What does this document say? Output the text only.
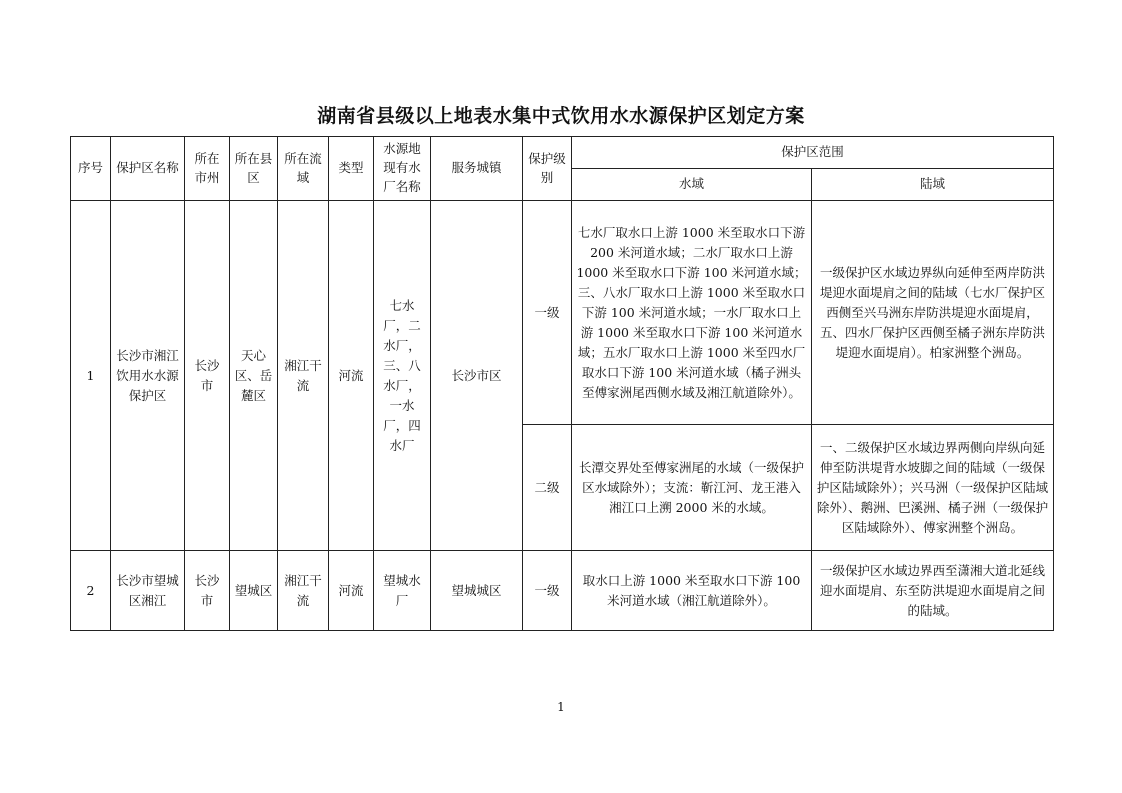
湖南省县级以上地表水集中式饮用水水源保护区划定方案
序号	保护区名称	所在市州	所在县区	所在流域	类型	水源地现有水厂名称	服务城镇	保护级别	保护区范围	
									水域	陆域
1	长沙市湘江饮用水水源保护区	长沙市	天心区、岳麓区	湘江干流	河流	七水厂，二水厂，三、八水厂，一水厂，四水厂	长沙市区	一级	七水厂取水口上游 1000 米至取水口下游 200 米河道水域；二水厂取水口上游 1000 米至取水口下游 100 米河道水域；三、八水厂取水口上游 1000 米至取水口下游 100 米河道水域；一水厂取水口上游 1000 米至取水口下游 100 米河道水域；五水厂取水口上游 1000 米至四水厂取水口下游 100 米河道水域（橘子洲头至傅家洲尾西侧水域及湘江航道除外）。	一级保护区水域边界纵向延伸至两岸防洪堤迎水面堤肩之间的陆域（七水厂保护区西侧至兴马洲东岸防洪堤迎水面堤肩，五、四水厂保护区西侧至橘子洲东岸防洪堤迎水面堤肩）。柏家洲整个洲岛。
								二级	长潭交界处至傅家洲尾的水域（一级保护区水域除外）；支流：靳江河、龙王港入湘江口上溯 2000 米的水域。	一、二级保护区水域边界两侧向岸纵向延伸至防洪堤背水坡脚之间的陆域（一级保护区陆域除外）；兴马洲（一级保护区陆域除外）、鹅洲、巴溪洲、橘子洲（一级保护区陆域除外）、傅家洲整个洲岛。
2	长沙市望城区湘江	长沙市	望城区	湘江干流	河流	望城水厂	望城城区	一级	取水口上游 1000 米至取水口下游 100 米河道水域（湘江航道除外）。	一级保护区水域边界西至潇湘大道北延线迎水面堤肩、东至防洪堤迎水面堤肩之间的陆域。
1
